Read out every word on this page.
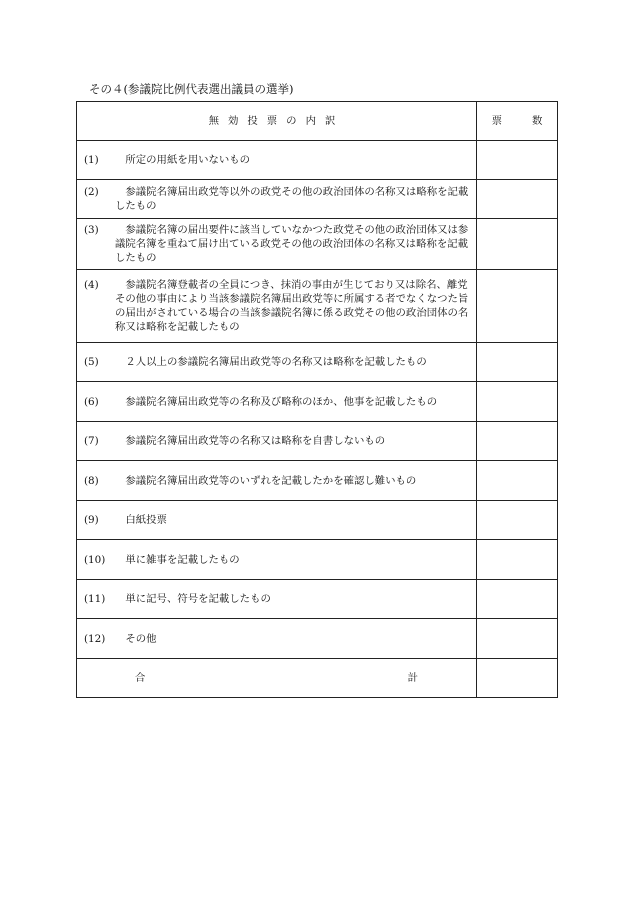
その４(参議院比例代表選出議員の選挙)
無効投票の内訳	票 数

(1) 所定の用紙を用いないもの	

(2) 参議院名簿届出政党等以外の政党その他の政治団体の名称又は略称を記載したもの	

(3) 参議院名簿の届出要件に該当していなかつた政党その他の政治団体又は参議院名簿を重ねて届け出ている政党その他の政治団体の名称又は略称を記載したもの	

(4) 参議院名簿登載者の全員につき、抹消の事由が生じており又は除名、離党その他の事由により当該参議院名簿届出政党等に所属する者でなくなつた旨の届出がされている場合の当該参議院名簿に係る政党その他の政治団体の名称又は略称を記載したもの	

(5) ２人以上の参議院名簿届出政党等の名称又は略称を記載したもの	

(6) 参議院名簿届出政党等の名称及び略称のほか、他事を記載したもの	

(7) 参議院名簿届出政党等の名称又は略称を自書しないもの	

(8) 参議院名簿届出政党等のいずれを記載したかを確認し難いもの	

(9) 白紙投票	

(10) 単に雑事を記載したもの	

(11) 単に記号、符号を記載したもの	

(12) その他	

合 計	
